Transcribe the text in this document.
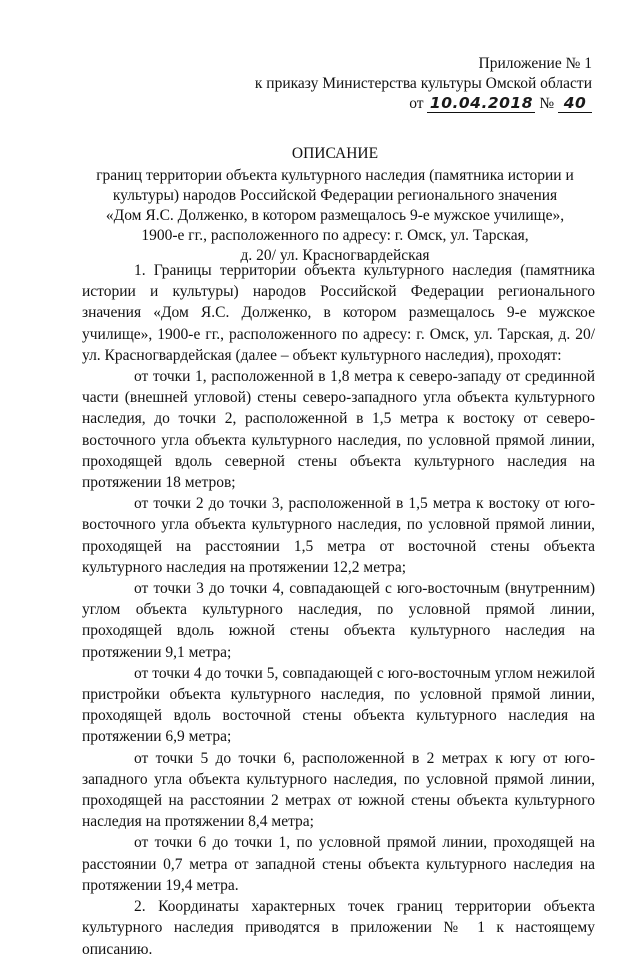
Приложение № 1
к приказу Министерства культуры Омской области
от 10.04.2018 № 40
ОПИСАНИЕ
границ территории объекта культурного наследия (памятника истории и
культуры) народов Российской Федерации регионального значения
«Дом Я.С. Долженко, в котором размещалось 9-е мужское училище»,
1900-е гг., расположенного по адресу: г. Омск, ул. Тарская,
д. 20/ ул. Красногвардейская

1. Границы территории объекта культурного наследия (памятника истории и культуры) народов Российской Федерации регионального значения «Дом Я.С. Долженко, в котором размещалось 9-е мужское училище», 1900-е гг., расположенного по адресу: г. Омск, ул. Тарская, д. 20/ ул. Красногвардейская (далее – объект культурного наследия), проходят:

от точки 1, расположенной в 1,8 метра к северо-западу от срединной части (внешней угловой) стены северо-западного угла объекта культурного наследия, до точки 2, расположенной в 1,5 метра к востоку от северо-восточного угла объекта культурного наследия, по условной прямой линии, проходящей вдоль северной стены объекта культурного наследия на протяжении 18 метров;

от точки 2 до точки 3, расположенной в 1,5 метра к востоку от юго-восточного угла объекта культурного наследия, по условной прямой линии, проходящей на расстоянии 1,5 метра от восточной стены объекта культурного наследия на протяжении 12,2 метра;

от точки 3 до точки 4, совпадающей с юго-восточным (внутренним) углом объекта культурного наследия, по условной прямой линии, проходящей вдоль южной стены объекта культурного наследия на протяжении 9,1 метра;

от точки 4 до точки 5, совпадающей с юго-восточным углом нежилой пристройки объекта культурного наследия, по условной прямой линии, проходящей вдоль восточной стены объекта культурного наследия на протяжении 6,9 метра;

от точки 5 до точки 6, расположенной в 2 метрах к югу от юго-западного угла объекта культурного наследия, по условной прямой линии, проходящей на расстоянии 2 метрах от южной стены объекта культурного наследия на протяжении 8,4 метра;

от точки 6 до точки 1, по условной прямой линии, проходящей на расстоянии 0,7 метра от западной стены объекта культурного наследия на протяжении 19,4 метра.

2. Координаты характерных точек границ территории объекта культурного наследия приводятся в приложении № 1 к настоящему описанию.
